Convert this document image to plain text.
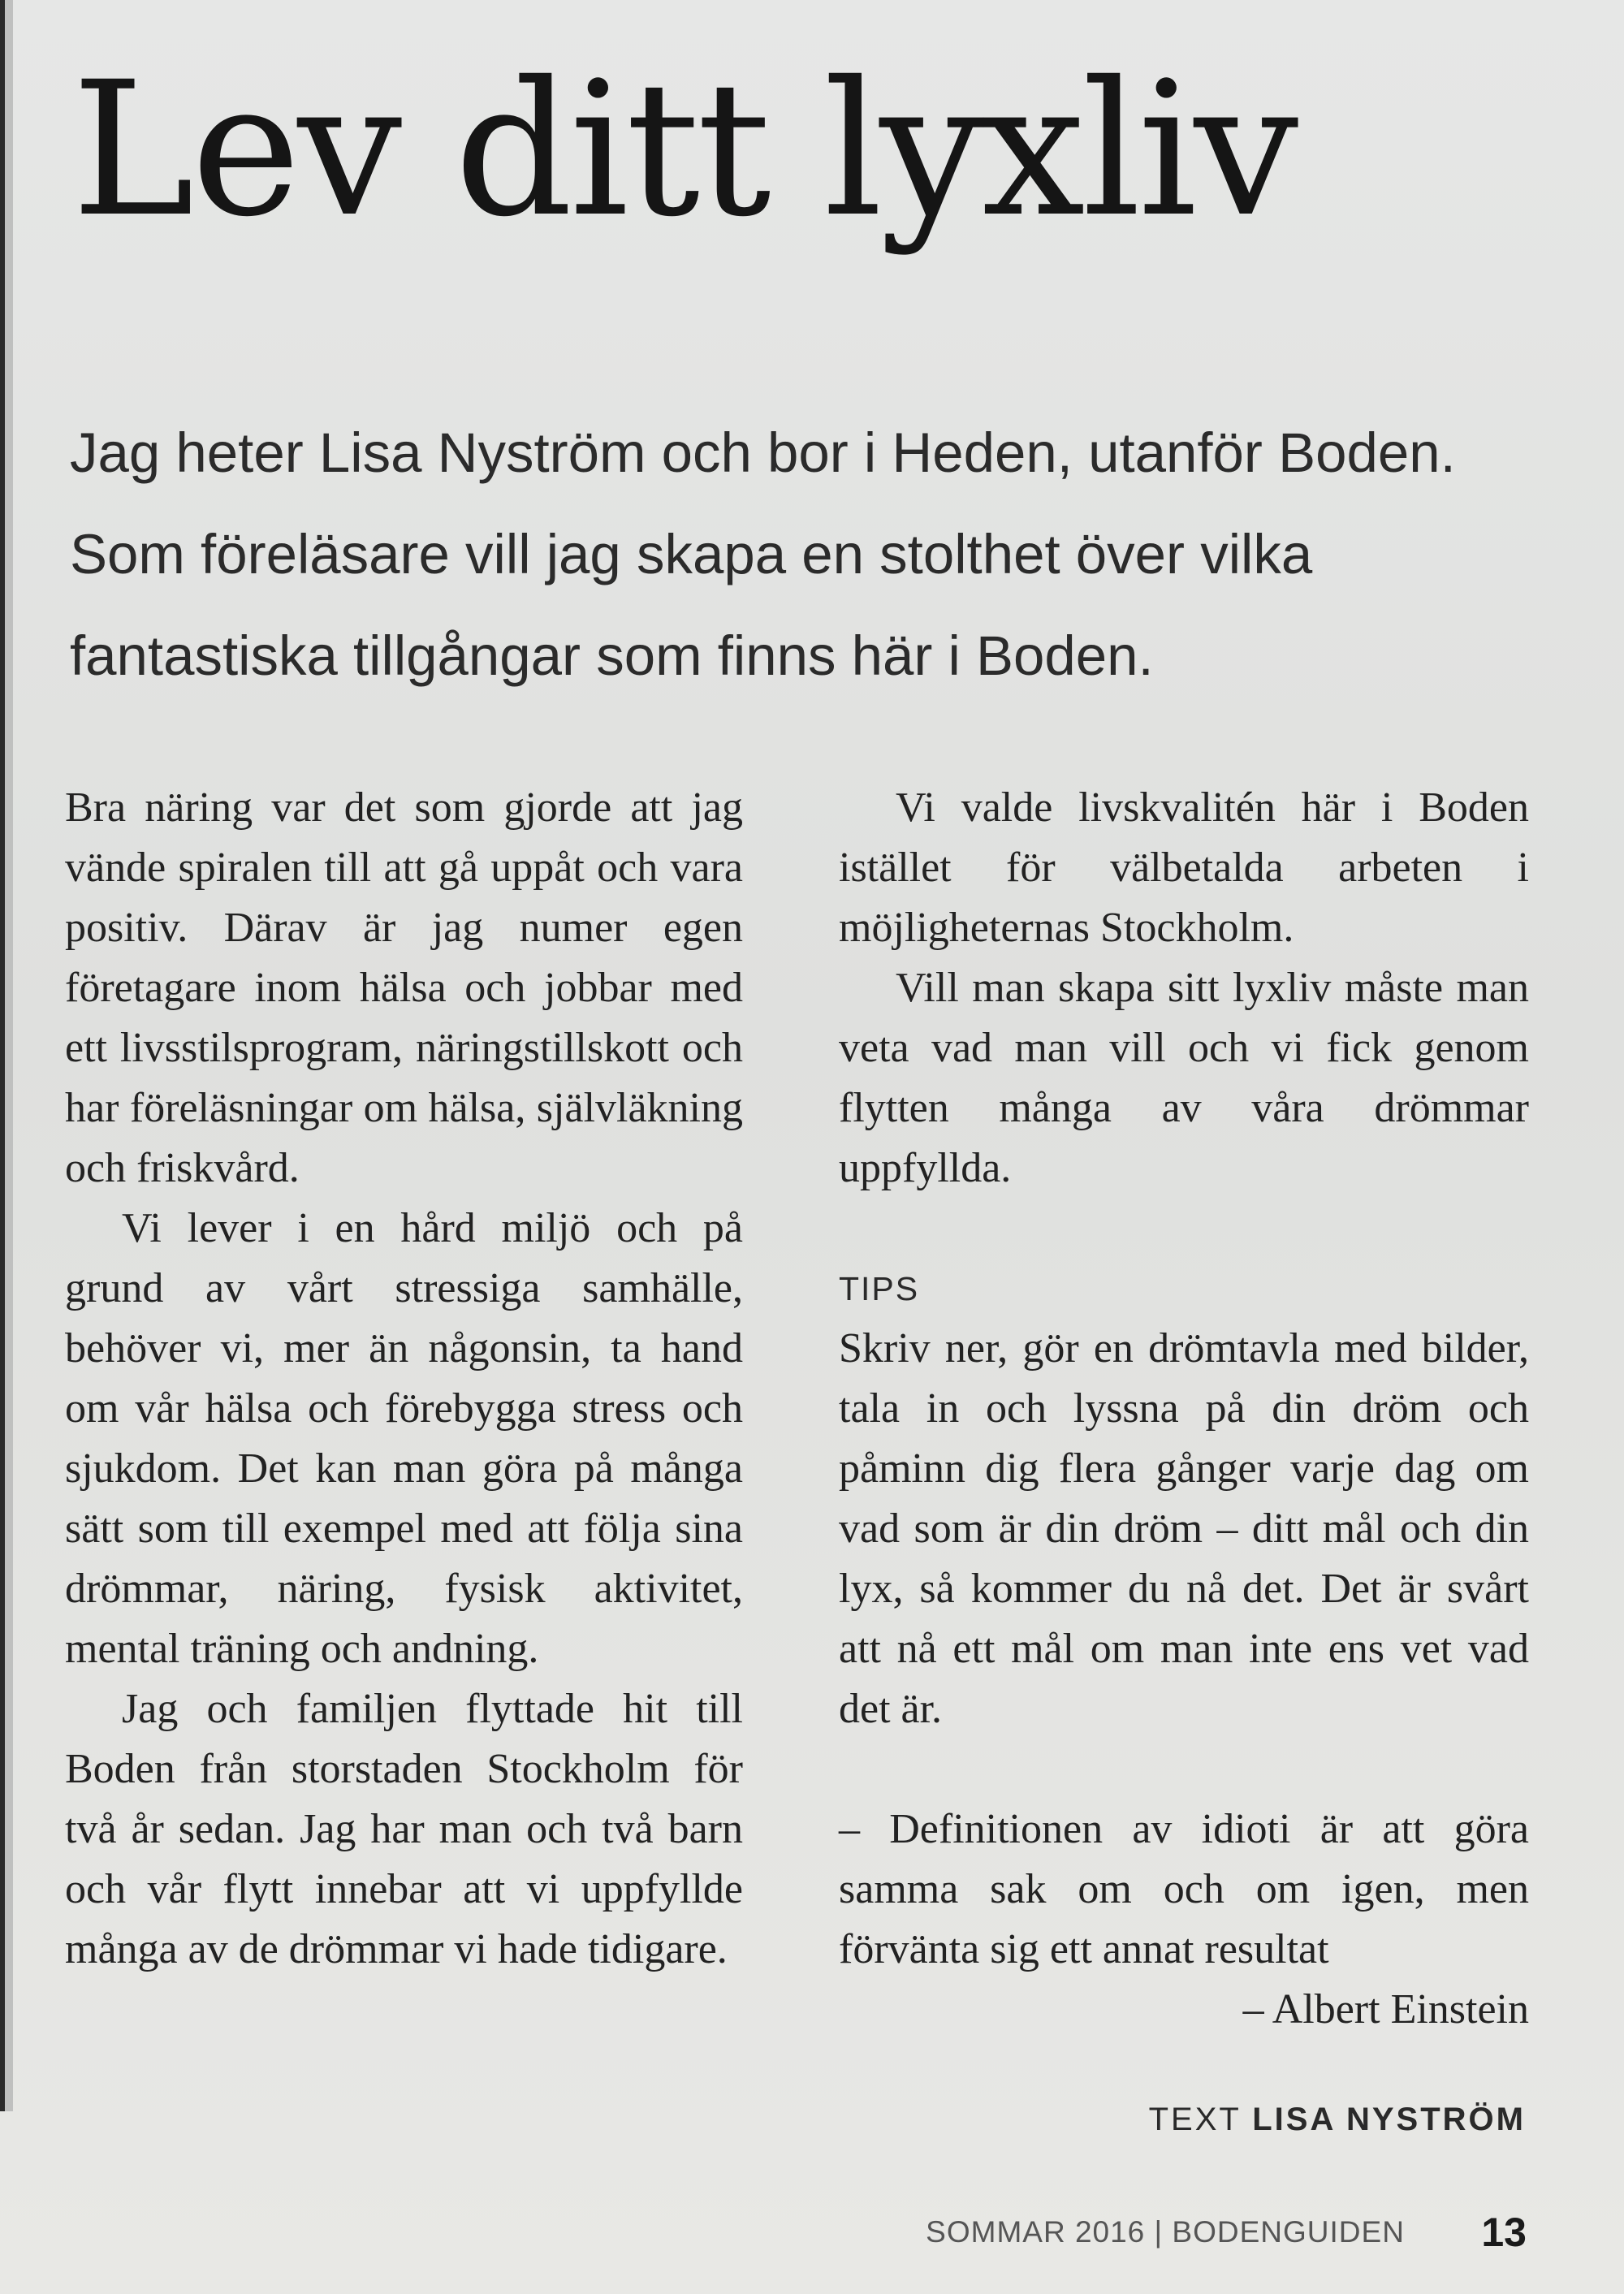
Lev ditt lyxliv
Jag heter Lisa Nyström och bor i Heden, utanför Boden.
Som föreläsare vill jag skapa en stolthet över vilka
fantastiska tillgångar som finns här i Boden.

Bra näring var det som gjorde att jag vände spiralen till att gå uppåt och vara positiv. Därav är jag numer egen företagare inom hälsa och jobbar med ett livsstilsprogram, näringstillskott och har föreläsningar om hälsa, självläkning och friskvård.

Vi lever i en hård miljö och på grund av vårt stressiga samhälle, behöver vi, mer än någonsin, ta hand om vår hälsa och förebygga stress och sjukdom. Det kan man göra på många sätt som till exempel med att följa sina drömmar, näring, fysisk aktivitet, mental träning och andning.

Jag och familjen flyttade hit till Boden från storstaden Stockholm för två år sedan. Jag har man och två barn och vår flytt innebar att vi uppfyllde många av de drömmar vi hade tidigare.

Vi valde livskvalitén här i Boden istället för välbetalda arbeten i möjligheternas Stockholm.

Vill man skapa sitt lyxliv måste man veta vad man vill och vi fick genom flytten många av våra drömmar uppfyllda.

TIPS

Skriv ner, gör en drömtavla med bilder, tala in och lyssna på din dröm och påminn dig flera gånger varje dag om vad som är din dröm – ditt mål och din lyx, så kommer du nå det. Det är svårt att nå ett mål om man inte ens vet vad det är.

– Definitionen av idioti är att göra samma sak om och om igen, men förvänta sig ett annat resultat

– Albert Einstein

TEXT LISA NYSTRÖM
SOMMAR 2016 | BODENGUIDEN 13
